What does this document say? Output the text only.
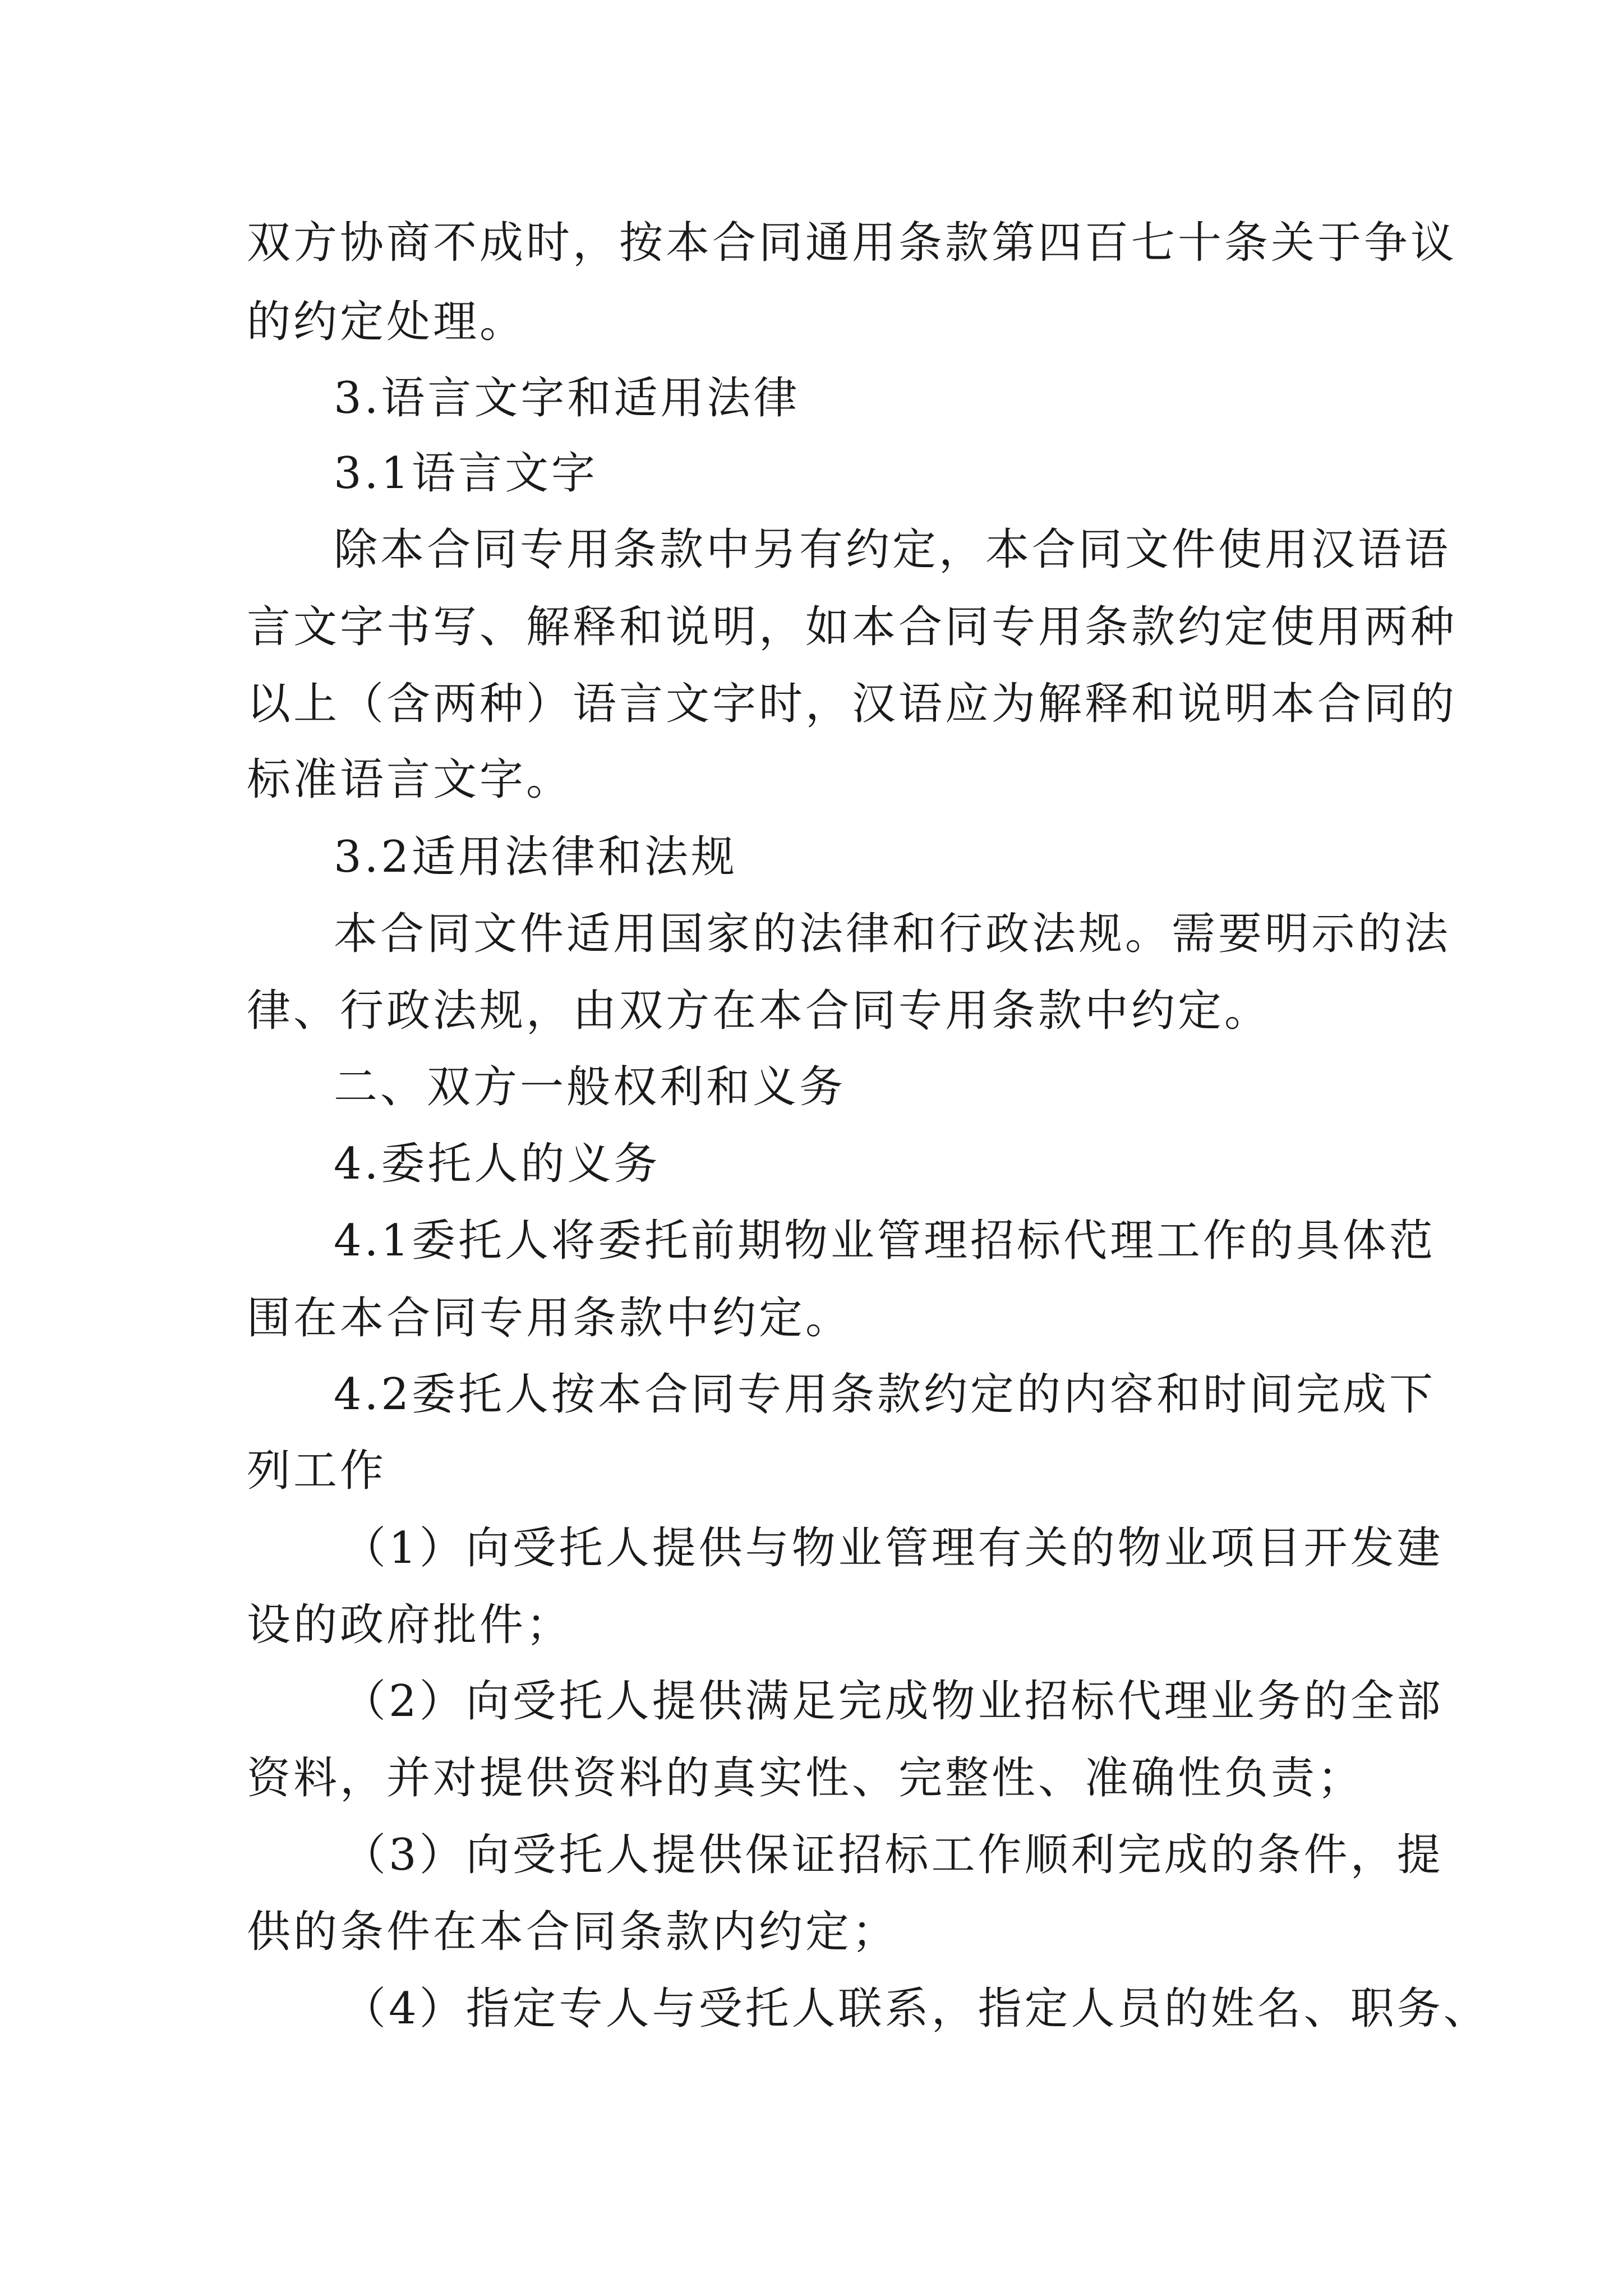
双方协商不成时，按本合同通用条款第四百七十条关于争议
的约定处理。
3.语言文字和适用法律
3.1语言文字
除本合同专用条款中另有约定，本合同文件使用汉语语
言文字书写、解释和说明，如本合同专用条款约定使用两种
以上（含两种）语言文字时，汉语应为解释和说明本合同的
标准语言文字。
3.2适用法律和法规
本合同文件适用国家的法律和行政法规。需要明示的法
律、行政法规，由双方在本合同专用条款中约定。
二、双方一般权利和义务
4.委托人的义务
4.1委托人将委托前期物业管理招标代理工作的具体范
围在本合同专用条款中约定。
4.2委托人按本合同专用条款约定的内容和时间完成下
列工作
（1）向受托人提供与物业管理有关的物业项目开发建
设的政府批件；
（2）向受托人提供满足完成物业招标代理业务的全部
资料，并对提供资料的真实性、完整性、准确性负责；
（3）向受托人提供保证招标工作顺利完成的条件，提
供的条件在本合同条款内约定；
（4）指定专人与受托人联系，指定人员的姓名、职务、
